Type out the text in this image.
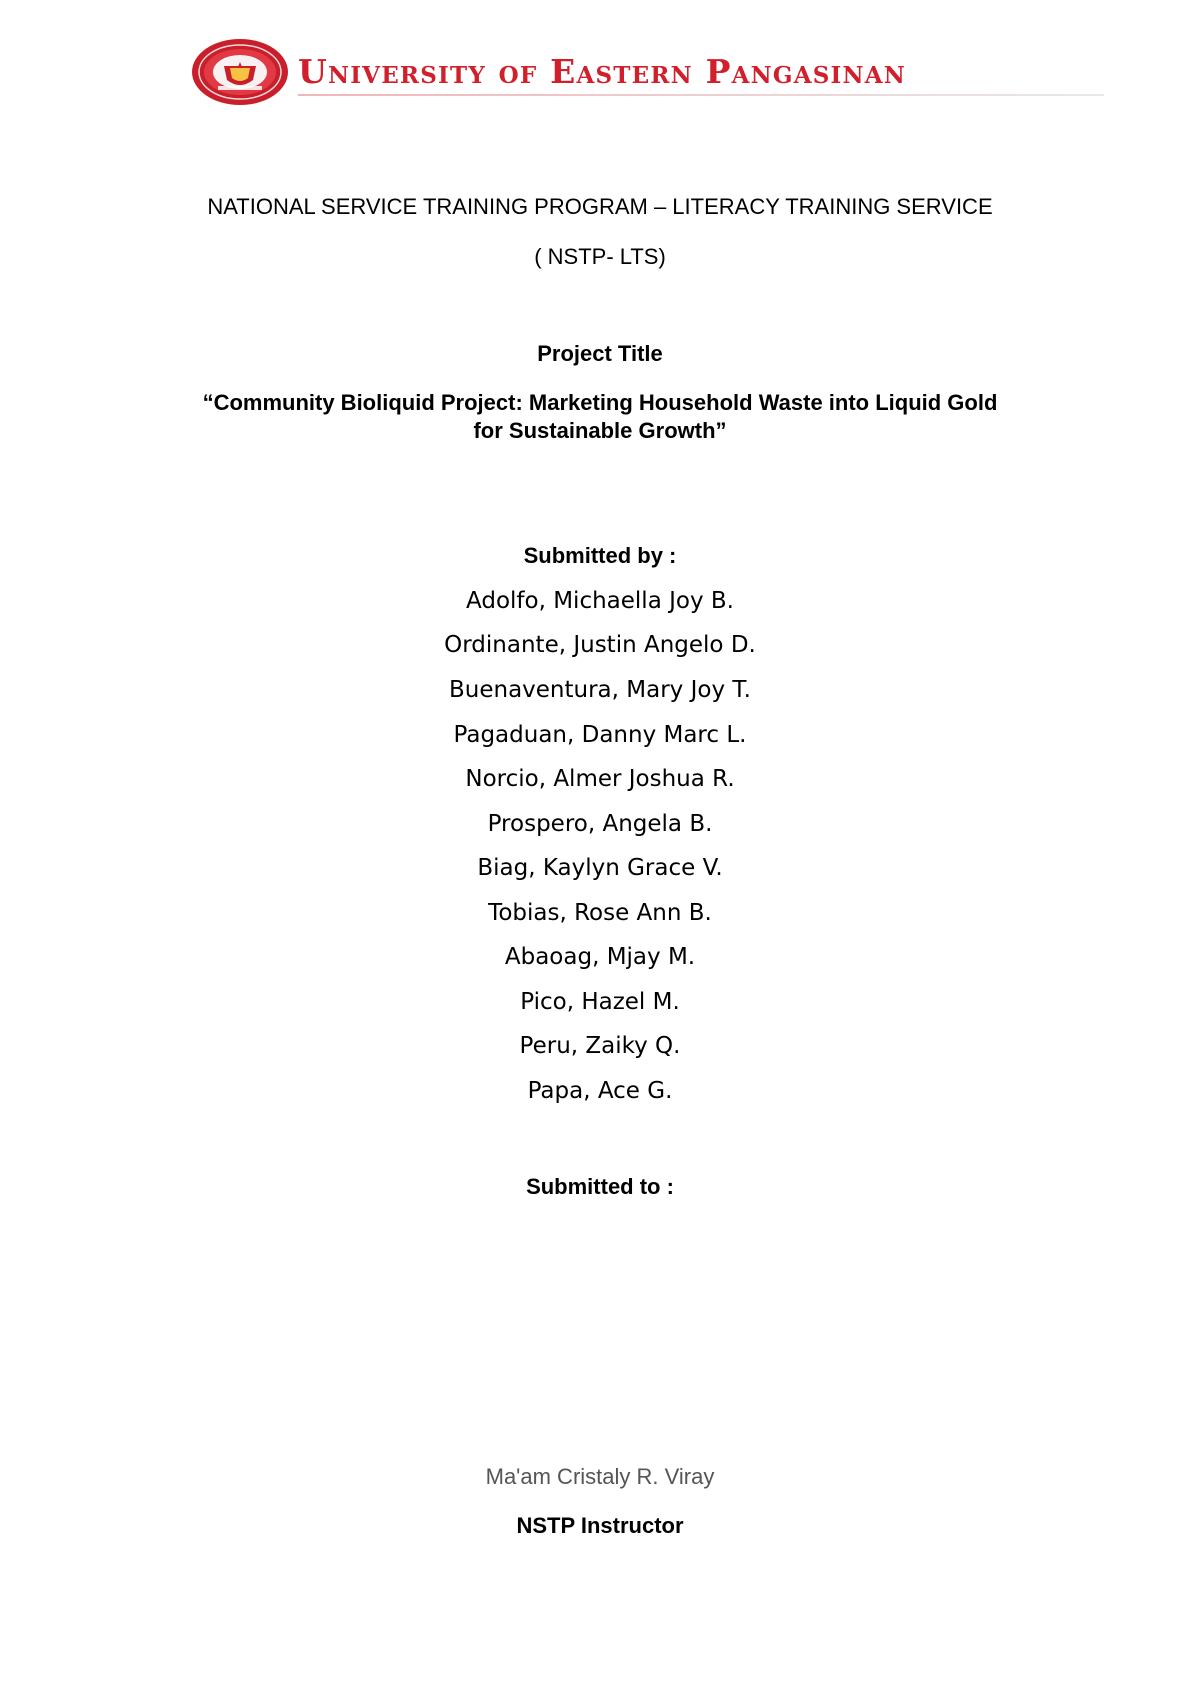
University of Eastern Pangasinan
NATIONAL SERVICE TRAINING PROGRAM – LITERACY TRAINING SERVICE
( NSTP- LTS)
Project Title
“Community Bioliquid Project: Marketing Household Waste into Liquid Gold
for Sustainable Growth”
Submitted by :
Adolfo, Michaella Joy B.
Ordinante, Justin Angelo D.
Buenaventura, Mary Joy T.
Pagaduan, Danny Marc L.
Norcio, Almer Joshua R.
Prospero, Angela B.
Biag, Kaylyn Grace V.
Tobias, Rose Ann B.
Abaoag, Mjay M.
Pico, Hazel M.
Peru, Zaiky Q.
Papa, Ace G.
Submitted to :
Ma'am Cristaly R. Viray
NSTP Instructor
